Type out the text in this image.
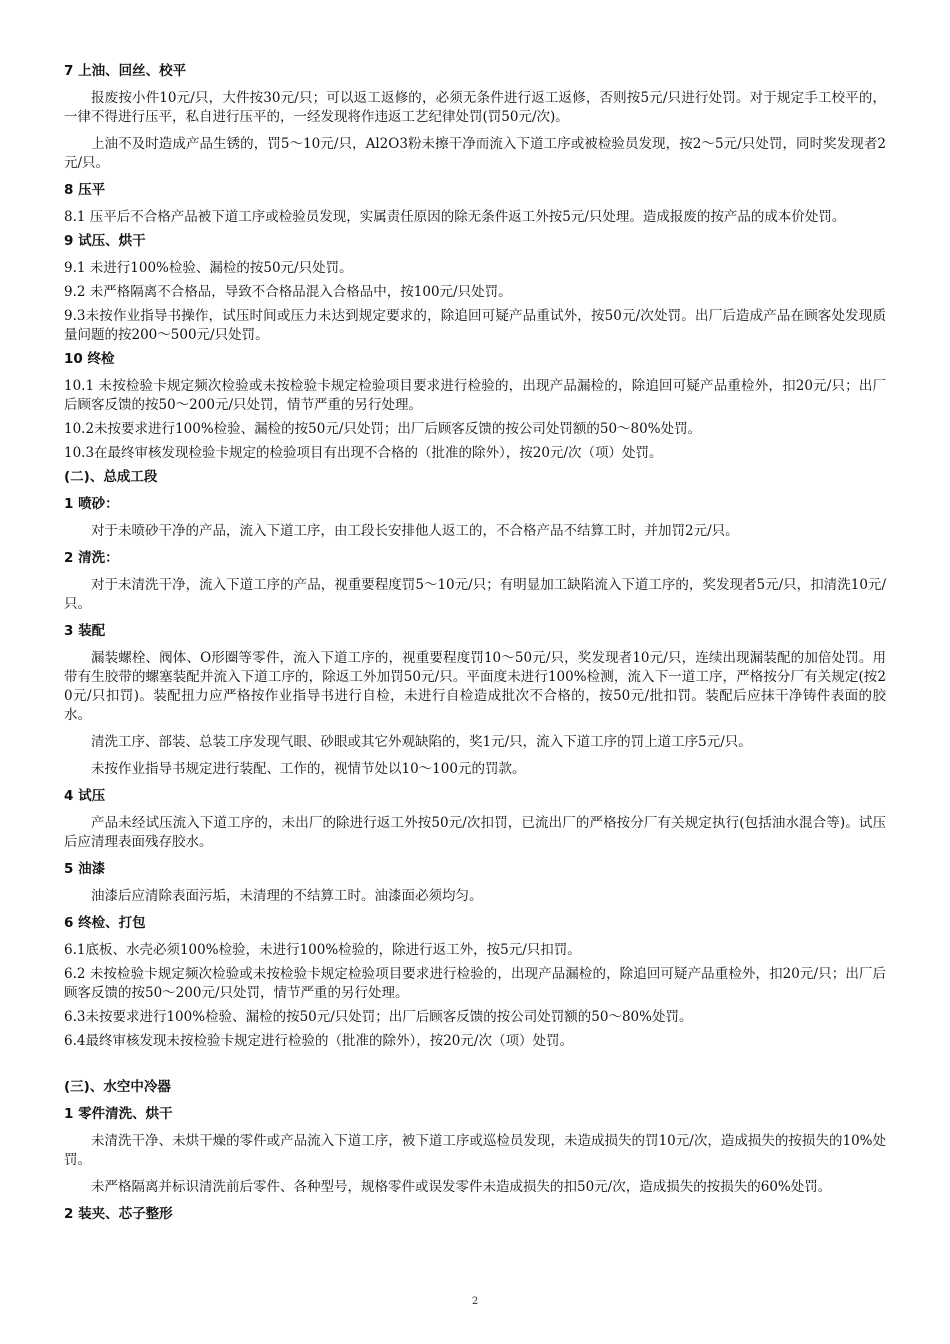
7 上油、回丝、校平
报废按小件10元/只，大件按30元/只；可以返工返修的，必须无条件进行返工返修，否则按5元/只进行处罚。对于规定手工校平的，一律不得进行压平，私自进行压平的，一经发现将作违返工艺纪律处罚(罚50元/次)。
上油不及时造成产品生锈的，罚5～10元/只，Al2O3粉未擦干净而流入下道工序或被检验员发现，按2～5元/只处罚，同时奖发现者2元/只。
8 压平
8.1 压平后不合格产品被下道工序或检验员发现，实属责任原因的除无条件返工外按5元/只处理。造成报废的按产品的成本价处罚。
9 试压、烘干
9.1 未进行100%检验、漏检的按50元/只处罚。
9.2 未严格隔离不合格品，导致不合格品混入合格品中，按100元/只处罚。
9.3未按作业指导书操作，试压时间或压力未达到规定要求的，除追回可疑产品重试外，按50元/次处罚。出厂后造成产品在顾客处发现质量问题的按200～500元/只处罚。
10 终检
10.1 未按检验卡规定频次检验或未按检验卡规定检验项目要求进行检验的，出现产品漏检的，除追回可疑产品重检外，扣20元/只；出厂后顾客反馈的按50～200元/只处罚，情节严重的另行处理。
10.2未按要求进行100%检验、漏检的按50元/只处罚；出厂后顾客反馈的按公司处罚额的50～80%处罚。
10.3在最终审核发现检验卡规定的检验项目有出现不合格的（批准的除外），按20元/次（项）处罚。
(二)、总成工段
1 喷砂：
对于未喷砂干净的产品，流入下道工序，由工段长安排他人返工的，不合格产品不结算工时，并加罚2元/只。
2 清洗：
对于未清洗干净，流入下道工序的产品，视重要程度罚5～10元/只；有明显加工缺陷流入下道工序的，奖发现者5元/只，扣清洗10元/只。
3 装配
漏装螺栓、阀体、O形圈等零件，流入下道工序的，视重要程度罚10～50元/只，奖发现者10元/只，连续出现漏装配的加倍处罚。用带有生胶带的螺塞装配并流入下道工序的，除返工外加罚50元/只。平面度未进行100%检测，流入下一道工序，严格按分厂有关规定(按20元/只扣罚)。装配扭力应严格按作业指导书进行自检，未进行自检造成批次不合格的，按50元/批扣罚。装配后应抹干净铸件表面的胶水。
清洗工序、部装、总装工序发现气眼、砂眼或其它外观缺陷的，奖1元/只，流入下道工序的罚上道工序5元/只。
未按作业指导书规定进行装配、工作的，视情节处以10～100元的罚款。
4 试压
产品未经试压流入下道工序的，未出厂的除进行返工外按50元/次扣罚，已流出厂的严格按分厂有关规定执行(包括油水混合等)。试压后应清理表面残存胶水。
5 油漆
油漆后应清除表面污垢，未清理的不结算工时。油漆面必须均匀。
6 终检、打包
6.1底板、水壳必须100%检验，未进行100%检验的，除进行返工外，按5元/只扣罚。
6.2 未按检验卡规定频次检验或未按检验卡规定检验项目要求进行检验的，出现产品漏检的，除追回可疑产品重检外，扣20元/只；出厂后顾客反馈的按50～200元/只处罚，情节严重的另行处理。
6.3未按要求进行100%检验、漏检的按50元/只处罚；出厂后顾客反馈的按公司处罚额的50～80%处罚。
6.4最终审核发现未按检验卡规定进行检验的（批准的除外），按20元/次（项）处罚。
(三)、水空中冷器
1 零件清洗、烘干
未清洗干净、未烘干燥的零件或产品流入下道工序，被下道工序或巡检员发现，未造成损失的罚10元/次，造成损失的按损失的10%处罚。
未严格隔离并标识清洗前后零件、各种型号，规格零件或误发零件未造成损失的扣50元/次，造成损失的按损失的60%处罚。
2 装夹、芯子整形
2
